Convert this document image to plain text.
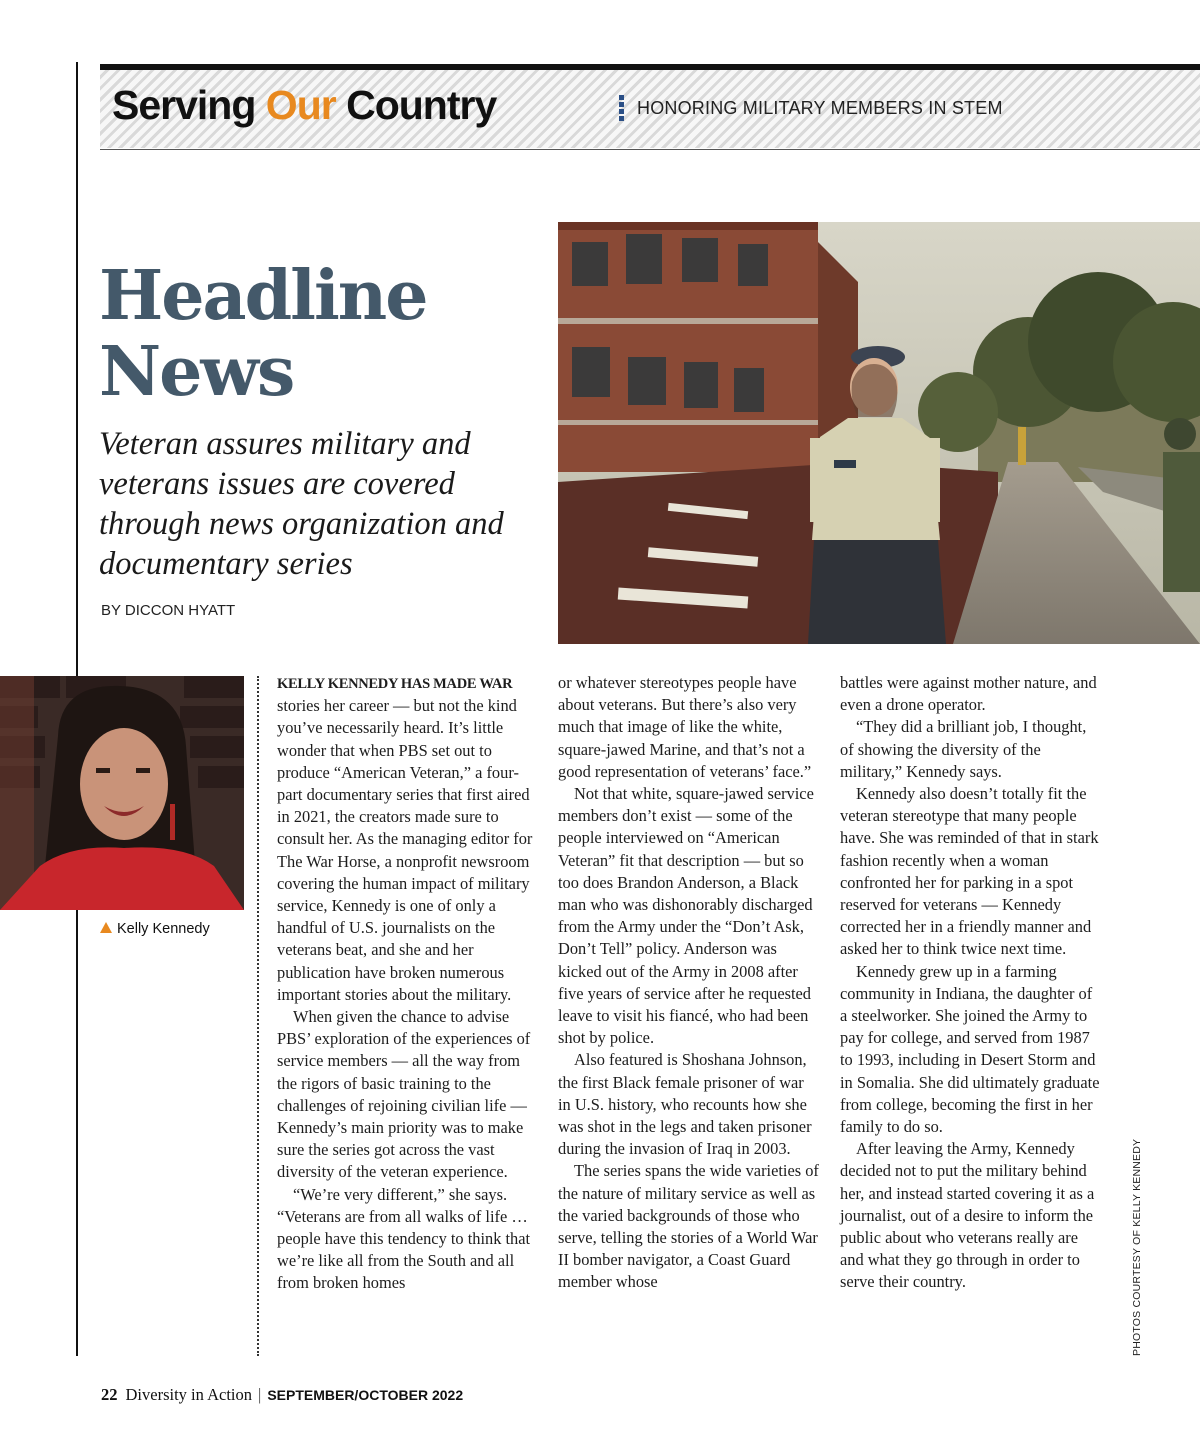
Serving Our Country	HONORING MILITARY MEMBERS IN STEM
Headline
News
Veteran assures military and veterans issues are covered through news organization and documentary series
BY DICCON HYATT
Kelly Kennedy

KELLY KENNEDY HAS MADE WAR stories her career — but not the kind you’ve necessarily heard. It’s little wonder that when PBS set out to produce “American Veteran,” a four-part documentary series that first aired in 2021, the creators made sure to consult her. As the managing editor for The War Horse, a nonprofit newsroom covering the human impact of military service, Kennedy is one of only a handful of U.S. journalists on the veterans beat, and she and her publication have broken numerous important stories about the military.

When given the chance to advise PBS’ exploration of the experiences of service members — all the way from the rigors of basic training to the challenges of rejoining civilian life — Kennedy’s main priority was to make sure the series got across the vast diversity of the veteran experience.

“We’re very different,” she says. “Veterans are from all walks of life … people have this tendency to think that we’re like all from the South and all from broken homes

or whatever stereotypes people have about veterans. But there’s also very much that image of like the white, square-jawed Marine, and that’s not a good representation of veterans’ face.”

Not that white, square-jawed service members don’t exist — some of the people interviewed on “American Veteran” fit that description — but so too does Brandon Anderson, a Black man who was dishonorably discharged from the Army under the “Don’t Ask, Don’t Tell” policy. Anderson was kicked out of the Army in 2008 after five years of service after he requested leave to visit his fiancé, who had been shot by police.

Also featured is Shoshana Johnson, the first Black female prisoner of war in U.S. history, who recounts how she was shot in the legs and taken prisoner during the invasion of Iraq in 2003.

The series spans the wide varieties of the nature of military service as well as the varied backgrounds of those who serve, telling the stories of a World War II bomber navigator, a Coast Guard member whose

battles were against mother nature, and even a drone operator.

“They did a brilliant job, I thought, of showing the diversity of the military,” Kennedy says.

Kennedy also doesn’t totally fit the veteran stereotype that many people have. She was reminded of that in stark fashion recently when a woman confronted her for parking in a spot reserved for veterans — Kennedy corrected her in a friendly manner and asked her to think twice next time.

Kennedy grew up in a farming community in Indiana, the daughter of a steelworker. She joined the Army to pay for college, and served from 1987 to 1993, including in Desert Storm and in Somalia. She did ultimately graduate from college, becoming the first in her family to do so.

After leaving the Army, Kennedy decided not to put the military behind her, and instead started covering it as a journalist, out of a desire to inform the public about who veterans really are and what they go through in order to serve their country.	PHOTOS COURTESY OF KELLY KENNEDY
22 Diversity in Action | SEPTEMBER/OCTOBER 2022
